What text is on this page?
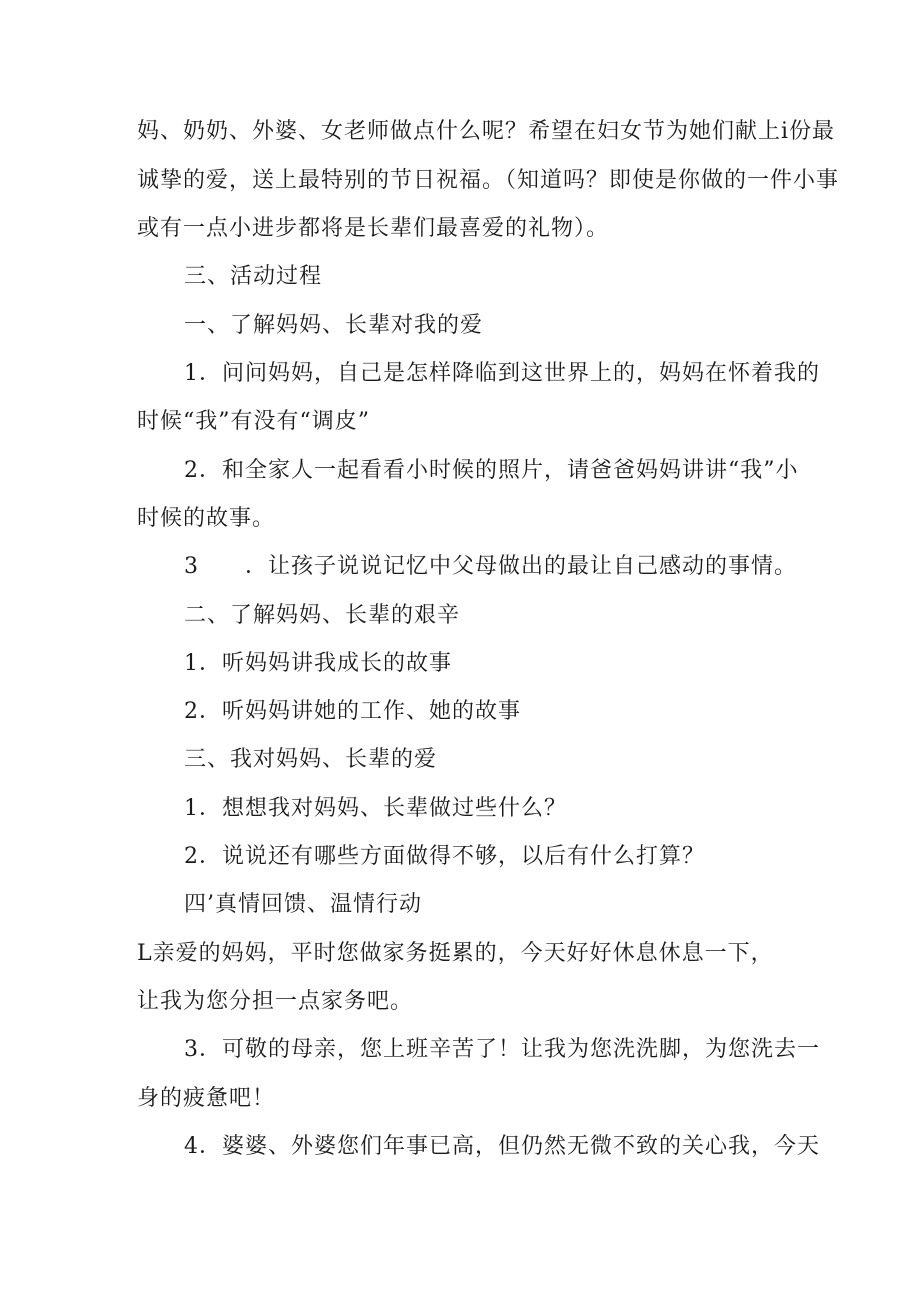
妈、奶奶、外婆、女老师做点什么呢？希望在妇女节为她们献上i份最
诚挚的爱，送上最特别的节日祝福。（知道吗？即使是你做的一件小事
或有一点小进步都将是长辈们最喜爱的礼物）。
三、活动过程
一、了解妈妈、长辈对我的爱
1．问问妈妈，自己是怎样降临到这世界上的，妈妈在怀着我的
时候“我”有没有“调皮”
2．和全家人一起看看小时候的照片，请爸爸妈妈讲讲“我”小
时候的故事。
3　　．让孩子说说记忆中父母做出的最让自己感动的事情。
二、了解妈妈、长辈的艰辛
1．听妈妈讲我成长的故事
2．听妈妈讲她的工作、她的故事
三、我对妈妈、长辈的爱
1．想想我对妈妈、长辈做过些什么？
2．说说还有哪些方面做得不够，以后有什么打算？
四’真情回馈、温情行动
L亲爱的妈妈，平时您做家务挺累的，今天好好休息休息一下，
让我为您分担一点家务吧。
3．可敬的母亲，您上班辛苦了！让我为您洗洗脚，为您洗去一
身的疲惫吧！
4．婆婆、外婆您们年事已高，但仍然无微不致的关心我，今天
